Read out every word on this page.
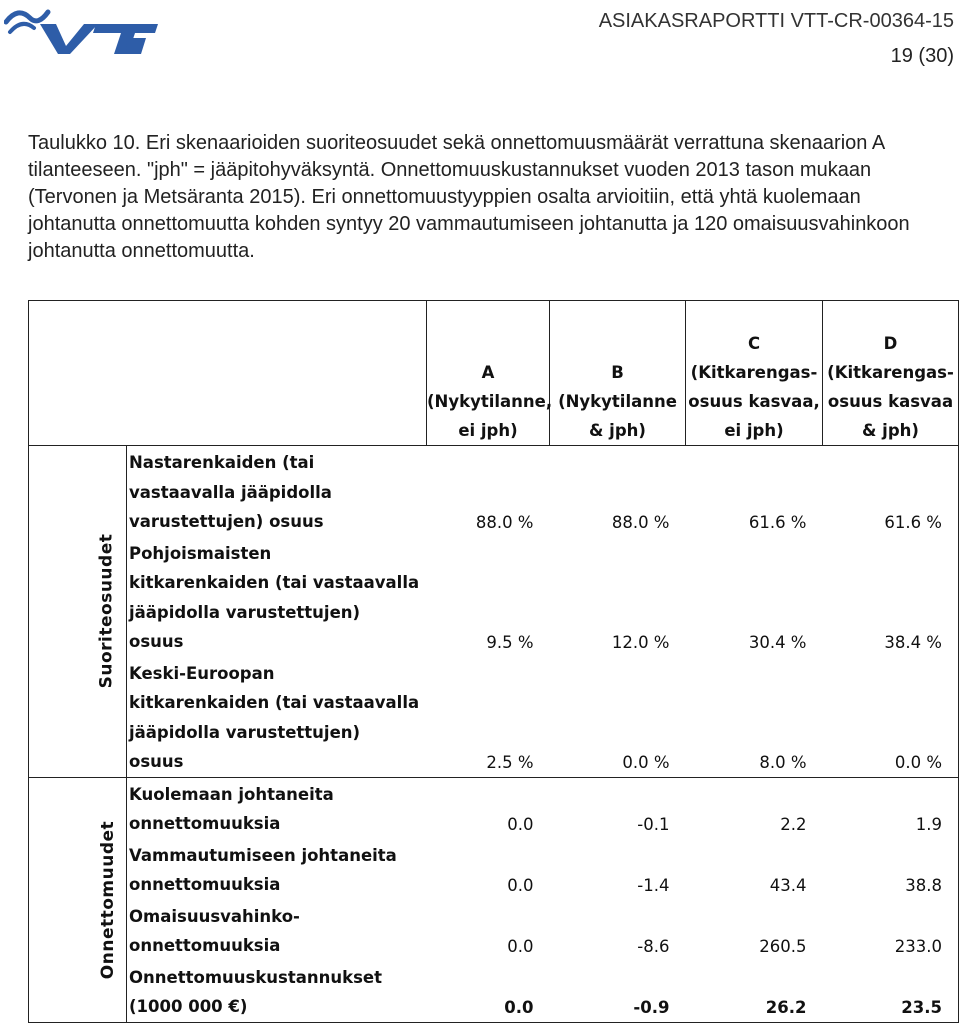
ASIAKASRAPORTTI VTT-CR-00364-15
19 (30)
Taulukko 10. Eri skenaarioiden suoriteosuudet sekä onnettomuusmäärät verrattuna skenaarion A tilanteeseen. "jph" = jääpitohyväksyntä. Onnettomuuskustannukset vuoden 2013 tason mukaan (Tervonen ja Metsäranta 2015). Eri onnettomuustyyppien osalta arvioitiin, että yhtä kuolemaan johtanutta onnettomuutta kohden syntyy 20 vammautumiseen johtanutta ja 120 omaisuusvahinkoon johtanutta onnettomuutta.

		A
(Nykytilanne,
ei jph)	B
(Nykytilanne
& jph)	C
(Kitkarengas-
osuus kasvaa,
ei jph)	D
(Kitkarengas-
osuus kasvaa
& jph)

Suoriteosuudet	Nastarenkaiden (tai
vastaavalla jääpidolla
varustettujen) osuus	88.0 %	88.0 %	61.6 %	61.6 %

	Pohjoismaisten
kitkarenkaiden (tai vastaavalla
jääpidolla varustettujen)
osuus	9.5 %	12.0 %	30.4 %	38.4 %

	Keski-Euroopan
kitkarenkaiden (tai vastaavalla
jääpidolla varustettujen)
osuus	2.5 %	0.0 %	8.0 %	0.0 %
Onnettomuudet	Kuolemaan johtaneita
onnettomuuksia	0.0	-0.1	2.2	1.9

	Vammautumiseen johtaneita
onnettomuuksia	0.0	-1.4	43.4	38.8

	Omaisuusvahinko-
onnettomuuksia	0.0	-8.6	260.5	233.0

	Onnettomuuskustannukset
(1000 000 €)	0.0	-0.9	26.2	23.5
